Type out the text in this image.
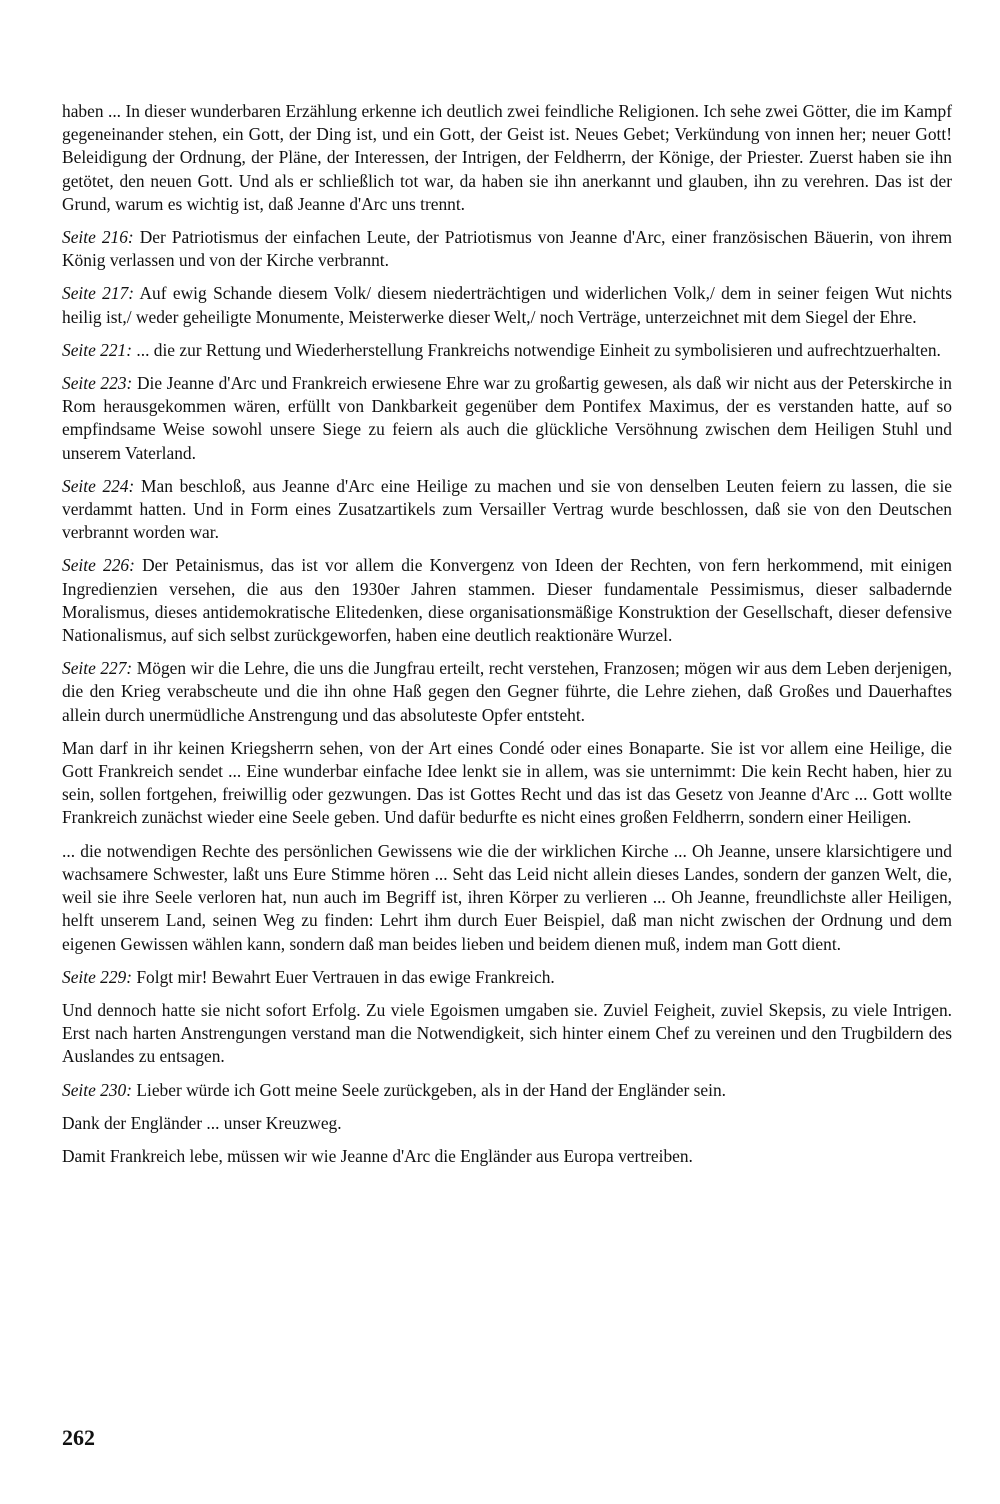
haben ... In dieser wunderbaren Erzählung erkenne ich deutlich zwei feindliche Religionen. Ich sehe zwei Götter, die im Kampf gegeneinander stehen, ein Gott, der Ding ist, und ein Gott, der Geist ist. Neues Gebet; Verkündung von innen her; neuer Gott! Beleidigung der Ordnung, der Pläne, der Interessen, der Intrigen, der Feldherrn, der Könige, der Priester. Zuerst haben sie ihn getötet, den neuen Gott. Und als er schließlich tot war, da haben sie ihn anerkannt und glauben, ihn zu verehren. Das ist der Grund, warum es wichtig ist, daß Jeanne d'Arc uns trennt.

Seite 216: Der Patriotismus der einfachen Leute, der Patriotismus von Jeanne d'Arc, einer französischen Bäuerin, von ihrem König verlassen und von der Kirche verbrannt.

Seite 217: Auf ewig Schande diesem Volk/ diesem niederträchtigen und widerlichen Volk,/ dem in seiner feigen Wut nichts heilig ist,/ weder geheiligte Monumente, Meisterwerke dieser Welt,/ noch Verträge, unterzeichnet mit dem Siegel der Ehre.

Seite 221: ... die zur Rettung und Wiederherstellung Frankreichs notwendige Einheit zu symbolisieren und aufrechtzuerhalten.

Seite 223: Die Jeanne d'Arc und Frankreich erwiesene Ehre war zu großartig gewesen, als daß wir nicht aus der Peterskirche in Rom herausgekommen wären, erfüllt von Dankbarkeit gegenüber dem Pontifex Maximus, der es verstanden hatte, auf so empfindsame Weise sowohl unsere Siege zu feiern als auch die glückliche Versöhnung zwischen dem Heiligen Stuhl und unserem Vaterland.

Seite 224: Man beschloß, aus Jeanne d'Arc eine Heilige zu machen und sie von denselben Leuten feiern zu lassen, die sie verdammt hatten. Und in Form eines Zusatzartikels zum Versailler Vertrag wurde beschlossen, daß sie von den Deutschen verbrannt worden war.

Seite 226: Der Petainismus, das ist vor allem die Konvergenz von Ideen der Rechten, von fern herkommend, mit einigen Ingredienzien versehen, die aus den 1930er Jahren stammen. Dieser fundamentale Pessimismus, dieser salbadernde Moralismus, dieses antidemokratische Elitedenken, diese organisationsmäßige Konstruktion der Gesellschaft, dieser defensive Nationalismus, auf sich selbst zurückgeworfen, haben eine deutlich reaktionäre Wurzel.

Seite 227: Mögen wir die Lehre, die uns die Jungfrau erteilt, recht verstehen, Franzosen; mögen wir aus dem Leben derjenigen, die den Krieg verabscheute und die ihn ohne Haß gegen den Gegner führte, die Lehre ziehen, daß Großes und Dauerhaftes allein durch unermüdliche Anstrengung und das absoluteste Opfer entsteht.

Man darf in ihr keinen Kriegsherrn sehen, von der Art eines Condé oder eines Bonaparte. Sie ist vor allem eine Heilige, die Gott Frankreich sendet ... Eine wunderbar einfache Idee lenkt sie in allem, was sie unternimmt: Die kein Recht haben, hier zu sein, sollen fortgehen, freiwillig oder gezwungen. Das ist Gottes Recht und das ist das Gesetz von Jeanne d'Arc ... Gott wollte Frankreich zunächst wieder eine Seele geben. Und dafür bedurfte es nicht eines großen Feldherrn, sondern einer Heiligen.

... die notwendigen Rechte des persönlichen Gewissens wie die der wirklichen Kirche ... Oh Jeanne, unsere klarsichtigere und wachsamere Schwester, laßt uns Eure Stimme hören ... Seht das Leid nicht allein dieses Landes, sondern der ganzen Welt, die, weil sie ihre Seele verloren hat, nun auch im Begriff ist, ihren Körper zu verlieren ... Oh Jeanne, freundlichste aller Heiligen, helft unserem Land, seinen Weg zu finden: Lehrt ihm durch Euer Beispiel, daß man nicht zwischen der Ordnung und dem eigenen Gewissen wählen kann, sondern daß man beides lieben und beidem dienen muß, indem man Gott dient.

Seite 229: Folgt mir! Bewahrt Euer Vertrauen in das ewige Frankreich.

Und dennoch hatte sie nicht sofort Erfolg. Zu viele Egoismen umgaben sie. Zuviel Feigheit, zuviel Skepsis, zu viele Intrigen. Erst nach harten Anstrengungen verstand man die Notwendigkeit, sich hinter einem Chef zu vereinen und den Trugbildern des Auslandes zu entsagen.

Seite 230: Lieber würde ich Gott meine Seele zurückgeben, als in der Hand der Engländer sein.

Dank der Engländer ... unser Kreuzweg.

Damit Frankreich lebe, müssen wir wie Jeanne d'Arc die Engländer aus Europa vertreiben.

262
